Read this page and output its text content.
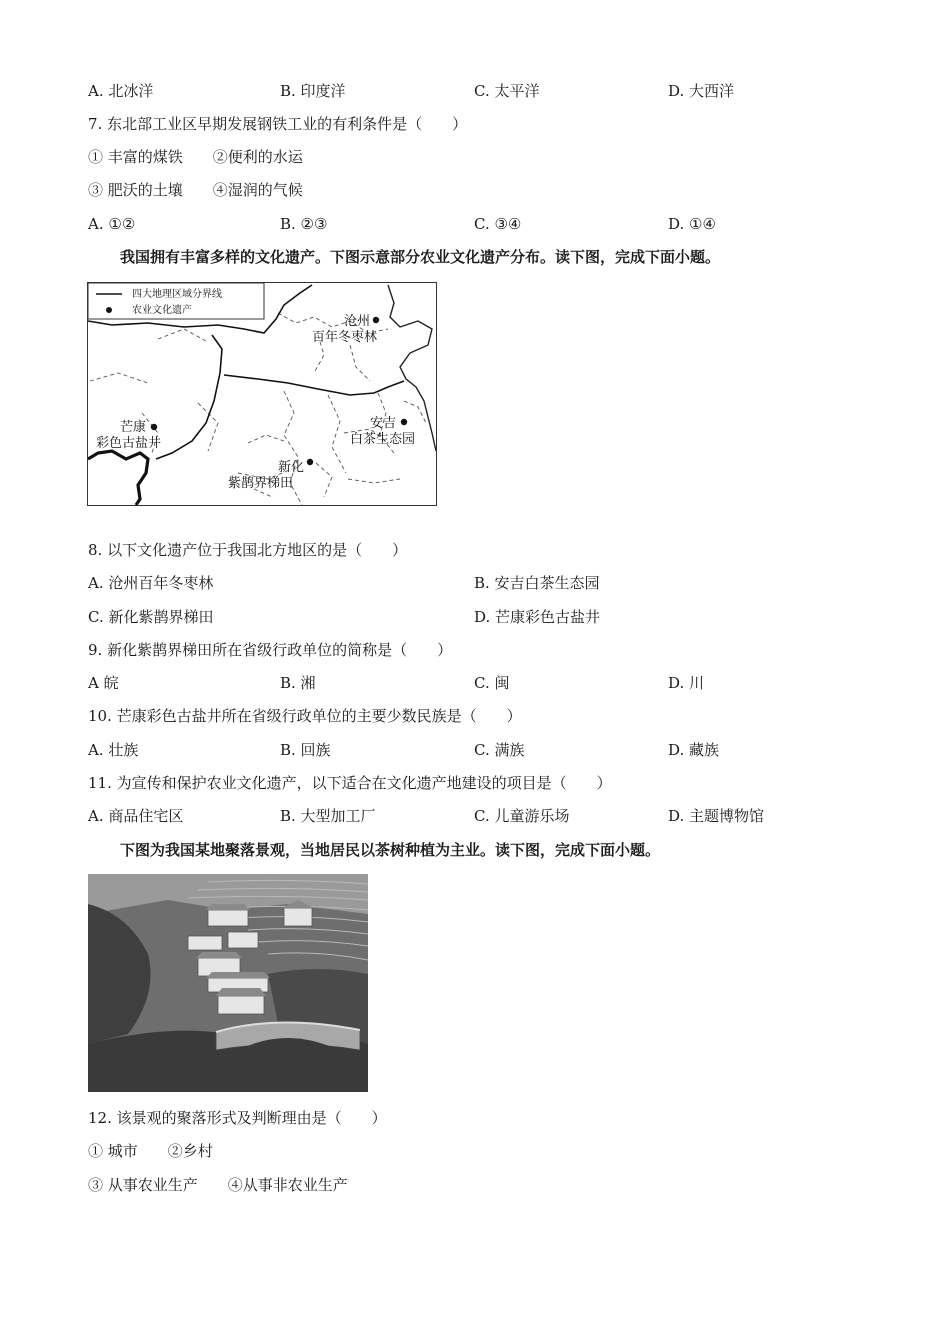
A. 北冰洋	B. 印度洋	C. 太平洋	D. 大西洋
7. 东北部工业区早期发展钢铁工业的有利条件是（　　）
① 丰富的煤铁　　②便利的水运
③ 肥沃的土壤　　④湿润的气候
A. ①②	B. ②③	C. ③④	D. ①④
我国拥有丰富多样的文化遗产。下图示意部分农业文化遗产分布。读下图，完成下面小题。
四大地理区域分界线
农业文化遗产
沧州
百年冬枣林
安吉
白茶生态园
芒康
彩色古盐井
新化
紫鹊界梯田
8. 以下文化遗产位于我国北方地区的是（　　）
A. 沧州百年冬枣林	B. 安吉白茶生态园
C. 新化紫鹊界梯田	D. 芒康彩色古盐井
9. 新化紫鹊界梯田所在省级行政单位的简称是（　　）
A 皖	B. 湘	C. 闽	D. 川
10. 芒康彩色古盐井所在省级行政单位的主要少数民族是（　　）
A. 壮族	B. 回族	C. 满族	D. 藏族
11. 为宣传和保护农业文化遗产，以下适合在文化遗产地建设的项目是（　　）
A. 商品住宅区	B. 大型加工厂	C. 儿童游乐场	D. 主题博物馆
下图为我国某地聚落景观，当地居民以茶树种植为主业。读下图，完成下面小题。
12. 该景观的聚落形式及判断理由是（　　）
① 城市　　②乡村
③ 从事农业生产　　④从事非农业生产
